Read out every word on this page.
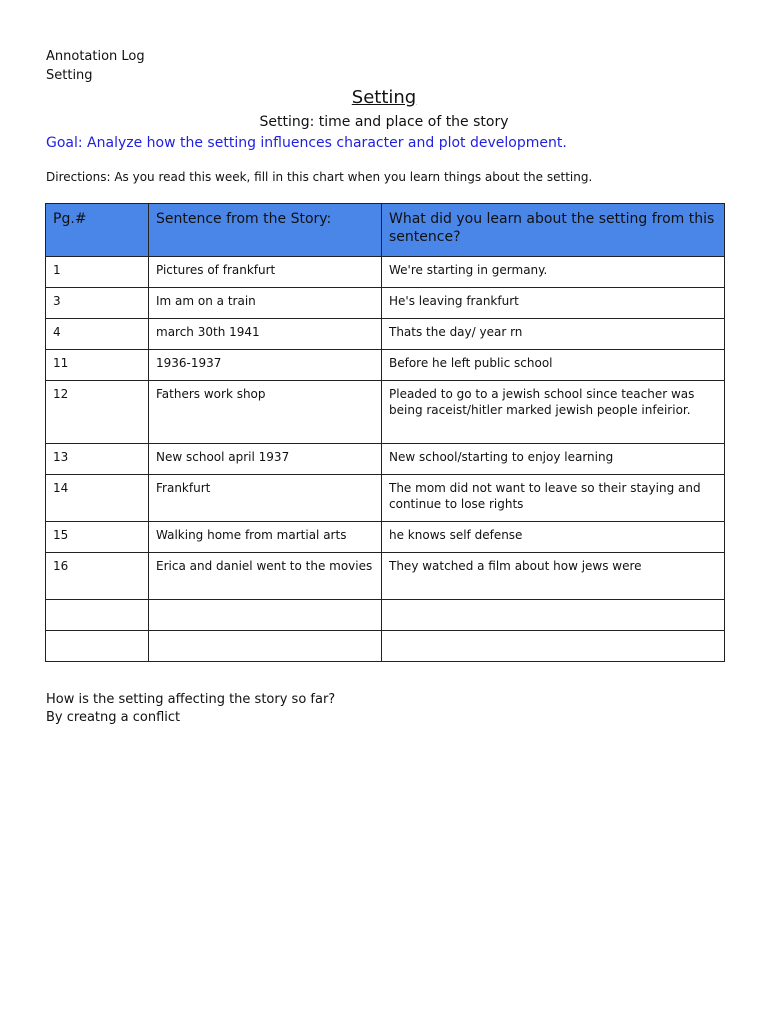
Annotation Log
Setting
Setting
Setting: time and place of the story
Goal: Analyze how the setting influences character and plot development.
Directions: As you read this week, fill in this chart when you learn things about the setting.
Pg.#	Sentence from the Story:	What did you learn about the setting from this sentence?
1	Pictures of frankfurt	We're starting in germany.
3	Im am on a train	He's leaving frankfurt
4	march 30th 1941	Thats the day/ year rn
11	1936-1937	Before he left public school
12	Fathers work shop	Pleaded to go to a jewish school since teacher was being raceist/hitler marked jewish people infeirior.
13	New school april 1937	New school/starting to enjoy learning
14	Frankfurt	The mom did not want to leave so their staying and continue to lose rights
15	Walking home from martial arts	he knows self defense
16	Erica and daniel went to the movies	They watched a film about how jews were

How is the setting affecting the story so far?
By creatng a conflict
